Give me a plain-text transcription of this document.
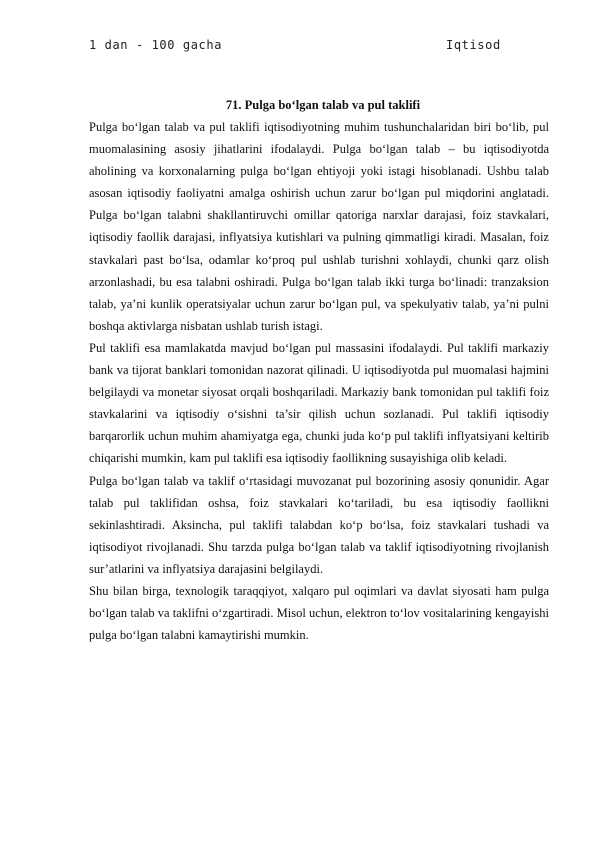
1 dan - 100 gacha	Iqtisod

71. Pulga bo‘lgan talab va pul taklifi

Pulga bo‘lgan talab va pul taklifi iqtisodiyotning muhim tushunchalaridan biri bo‘lib, pul muomalasining asosiy jihatlarini ifodalaydi. Pulga bo‘lgan talab – bu iqtisodiyotda aholining va korxonalarning pulga bo‘lgan ehtiyoji yoki istagi hisoblanadi. Ushbu talab asosan iqtisodiy faoliyatni amalga oshirish uchun zarur bo‘lgan pul miqdorini anglatadi. Pulga bo‘lgan talabni shakllantiruvchi omillar qatoriga narxlar darajasi, foiz stavkalari, iqtisodiy faollik darajasi, inflyatsiya kutishlari va pulning qimmatligi kiradi. Masalan, foiz stavkalari past bo‘lsa, odamlar ko‘proq pul ushlab turishni xohlaydi, chunki qarz olish arzonlashadi, bu esa talabni oshiradi. Pulga bo‘lgan talab ikki turga bo‘linadi: tranzaksion talab, ya’ni kunlik operatsiyalar uchun zarur bo‘lgan pul, va spekulyativ talab, ya’ni pulni boshqa aktivlarga nisbatan ushlab turish istagi.

Pul taklifi esa mamlakatda mavjud bo‘lgan pul massasini ifodalaydi. Pul taklifi markaziy bank va tijorat banklari tomonidan nazorat qilinadi. U iqtisodiyotda pul muomalasi hajmini belgilaydi va monetar siyosat orqali boshqariladi. Markaziy bank tomonidan pul taklifi foiz stavkalarini va iqtisodiy o‘sishni ta’sir qilish uchun sozlanadi. Pul taklifi iqtisodiy barqarorlik uchun muhim ahamiyatga ega, chunki juda ko‘p pul taklifi inflyatsiyani keltirib chiqarishi mumkin, kam pul taklifi esa iqtisodiy faollikning susayishiga olib keladi.

Pulga bo‘lgan talab va taklif o‘rtasidagi muvozanat pul bozorining asosiy qonunidir. Agar talab pul taklifidan oshsa, foiz stavkalari ko‘tariladi, bu esa iqtisodiy faollikni sekinlashtiradi. Aksincha, pul taklifi talabdan ko‘p bo‘lsa, foiz stavkalari tushadi va iqtisodiyot rivojlanadi. Shu tarzda pulga bo‘lgan talab va taklif iqtisodiyotning rivojlanish sur’atlarini va inflyatsiya darajasini belgilaydi.

Shu bilan birga, texnologik taraqqiyot, xalqaro pul oqimlari va davlat siyosati ham pulga bo‘lgan talab va taklifni o‘zgartiradi. Misol uchun, elektron to‘lov vositalarining kengayishi pulga bo‘lgan talabni kamaytirishi mumkin.
